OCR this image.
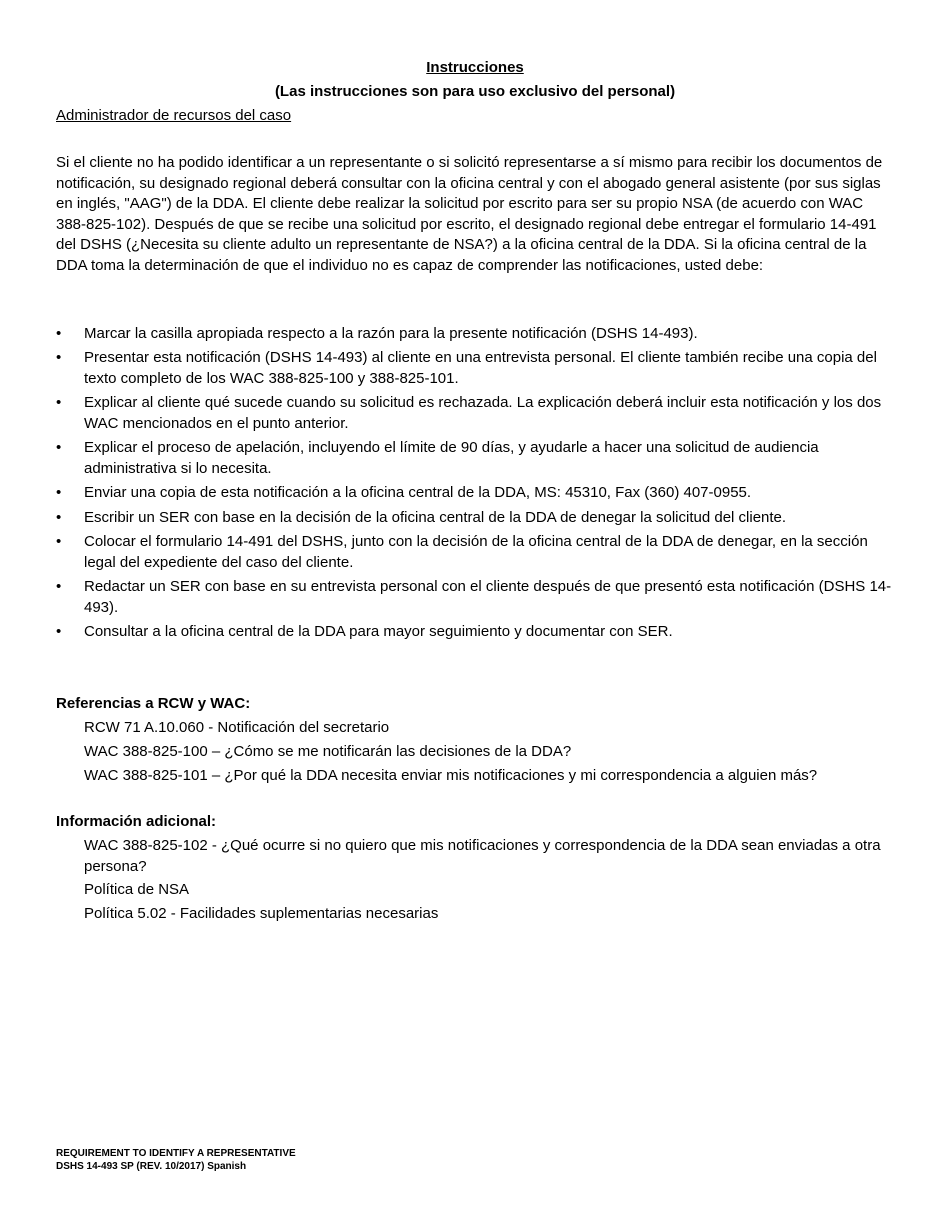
Instrucciones
(Las instrucciones son para uso exclusivo del personal)
Administrador de recursos del caso
Si el cliente no ha podido identificar a un representante o si solicitó representarse a sí mismo para recibir los documentos de notificación, su designado regional deberá consultar con la oficina central y con el abogado general asistente (por sus siglas en inglés, "AAG") de la DDA. El cliente debe realizar la solicitud por escrito para ser su propio NSA (de acuerdo con WAC 388-825-102). Después de que se recibe una solicitud por escrito, el designado regional debe entregar el formulario 14-491 del DSHS (¿Necesita su cliente adulto un representante de NSA?) a la oficina central de la DDA. Si la oficina central de la DDA toma la determinación de que el individuo no es capaz de comprender las notificaciones, usted debe:
• Marcar la casilla apropiada respecto a la razón para la presente notificación (DSHS 14-493).
• Presentar esta notificación (DSHS 14-493) al cliente en una entrevista personal. El cliente también recibe una copia del texto completo de los WAC 388-825-100 y 388-825-101.
• Explicar al cliente qué sucede cuando su solicitud es rechazada. La explicación deberá incluir esta notificación y los dos WAC mencionados en el punto anterior.
• Explicar el proceso de apelación, incluyendo el límite de 90 días, y ayudarle a hacer una solicitud de audiencia administrativa si lo necesita.
• Enviar una copia de esta notificación a la oficina central de la DDA, MS: 45310, Fax (360) 407-0955.
• Escribir un SER con base en la decisión de la oficina central de la DDA de denegar la solicitud del cliente.
• Colocar el formulario 14-491 del DSHS, junto con la decisión de la oficina central de la DDA de denegar, en la sección legal del expediente del caso del cliente.
• Redactar un SER con base en su entrevista personal con el cliente después de que presentó esta notificación (DSHS 14-493).
• Consultar a la oficina central de la DDA para mayor seguimiento y documentar con SER.
Referencias a RCW y WAC:
RCW 71 A.10.060 - Notificación del secretario
WAC 388-825-100 – ¿Cómo se me notificarán las decisiones de la DDA?
WAC 388-825-101 – ¿Por qué la DDA necesita enviar mis notificaciones y mi correspondencia a alguien más?
Información adicional:
WAC 388-825-102 - ¿Qué ocurre si no quiero que mis notificaciones y correspondencia de la DDA sean enviadas a otra persona?
Política de NSA
Política 5.02 - Facilidades suplementarias necesarias
REQUIREMENT TO IDENTIFY A REPRESENTATIVE
DSHS 14-493 SP (REV. 10/2017) Spanish
